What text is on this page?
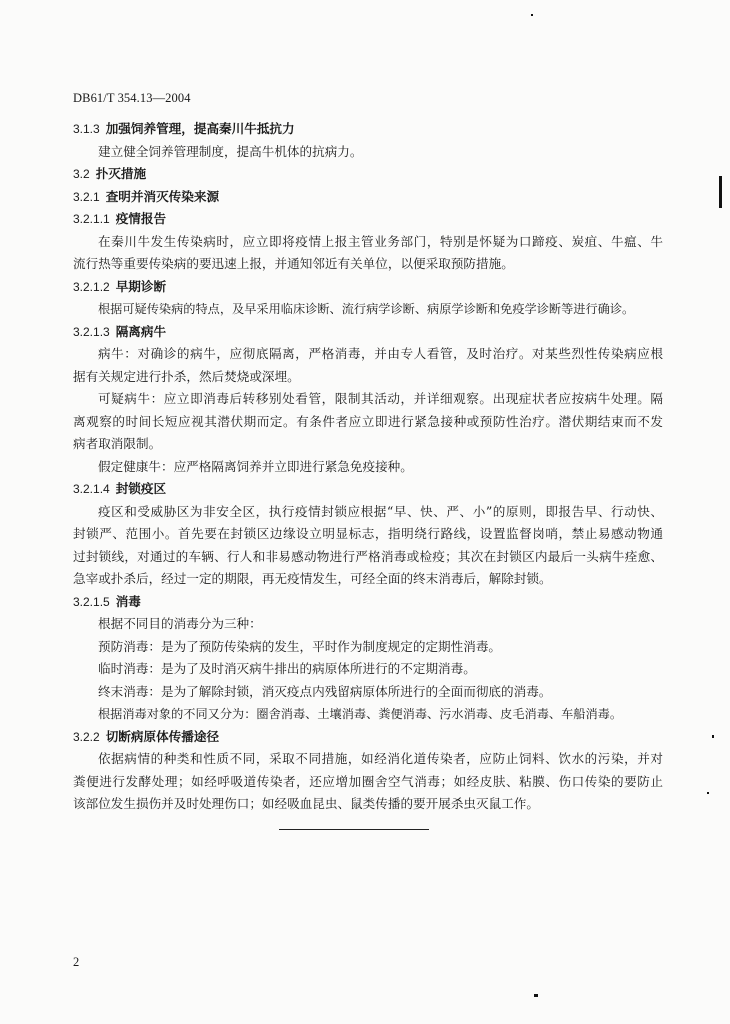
DB61/T 354.13—2004
3.1.3 加强饲养管理，提高秦川牛抵抗力
建立健全饲养管理制度，提高牛机体的抗病力。
3.2 扑灭措施
3.2.1 查明并消灭传染来源
3.2.1.1 疫情报告
在秦川牛发生传染病时，应立即将疫情上报主管业务部门，特别是怀疑为口蹄疫、炭疽、牛瘟、牛
流行热等重要传染病的要迅速上报，并通知邻近有关单位，以便采取预防措施。
3.2.1.2 早期诊断
根据可疑传染病的特点，及早采用临床诊断、流行病学诊断、病原学诊断和免疫学诊断等进行确诊。
3.2.1.3 隔离病牛
病牛：对确诊的病牛，应彻底隔离，严格消毒，并由专人看管，及时治疗。对某些烈性传染病应根
据有关规定进行扑杀，然后焚烧或深埋。
可疑病牛：应立即消毒后转移别处看管，限制其活动，并详细观察。出现症状者应按病牛处理。隔
离观察的时间长短应视其潜伏期而定。有条件者应立即进行紧急接种或预防性治疗。潜伏期结束而不发
病者取消限制。
假定健康牛：应严格隔离饲养并立即进行紧急免疫接种。
3.2.1.4 封锁疫区
疫区和受威胁区为非安全区，执行疫情封锁应根据“早、快、严、小”的原则，即报告早、行动快、
封锁严、范围小。首先要在封锁区边缘设立明显标志，指明绕行路线，设置监督岗哨，禁止易感动物通
过封锁线，对通过的车辆、行人和非易感动物进行严格消毒或检疫；其次在封锁区内最后一头病牛痊愈、
急宰或扑杀后，经过一定的期限，再无疫情发生，可经全面的终末消毒后，解除封锁。
3.2.1.5 消毒
根据不同目的消毒分为三种：
预防消毒：是为了预防传染病的发生，平时作为制度规定的定期性消毒。
临时消毒：是为了及时消灭病牛排出的病原体所进行的不定期消毒。
终末消毒：是为了解除封锁，消灭疫点内残留病原体所进行的全面而彻底的消毒。
根据消毒对象的不同又分为：圈舍消毒、土壤消毒、粪便消毒、污水消毒、皮毛消毒、车船消毒。
3.2.2 切断病原体传播途径
依据病情的种类和性质不同，采取不同措施，如经消化道传染者，应防止饲料、饮水的污染，并对
粪便进行发酵处理；如经呼吸道传染者，还应增加圈舍空气消毒；如经皮肤、粘膜、伤口传染的要防止
该部位发生损伤并及时处理伤口；如经吸血昆虫、鼠类传播的要开展杀虫灭鼠工作。
2
